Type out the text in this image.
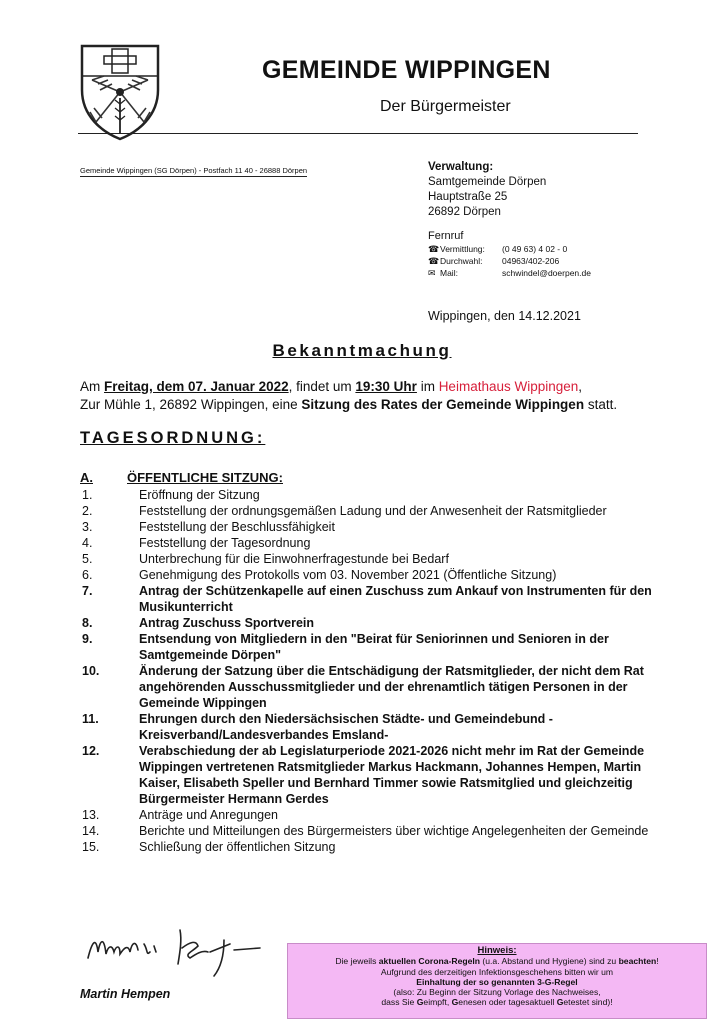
GEMEINDE WIPPINGEN
Der Bürgermeister
Gemeinde Wippingen (SG Dörpen) - Postfach 11 40 - 26888 Dörpen	Verwaltung:
Samtgemeinde Dörpen
Hauptstraße 25
26892 Dörpen
Fernruf
☎ Vermittlung:	(0 49 63) 4 02 - 0
☎ Durchwahl:	04963/402-206
✉ Mail:	schwindel@doerpen.de
Wippingen, den 14.12.2021
Bekanntmachung
Am Freitag, dem 07. Januar 2022, findet um 19:30 Uhr im Heimathaus Wippingen,
Zur Mühle 1, 26892 Wippingen, eine Sitzung des Rates der Gemeinde Wippingen statt.
TAGESORDNUNG:
A.	ÖFFENTLICHE SITZUNG:
1.	Eröffnung der Sitzung
2.	Feststellung der ordnungsgemäßen Ladung und der Anwesenheit der Ratsmitglieder
3.	Feststellung der Beschlussfähigkeit
4.	Feststellung der Tagesordnung
5.	Unterbrechung für die Einwohnerfragestunde bei Bedarf
6.	Genehmigung des Protokolls vom 03. November 2021 (Öffentliche Sitzung)
7.	Antrag der Schützenkapelle auf einen Zuschuss zum Ankauf von Instrumenten für den Musikunterricht
8.	Antrag Zuschuss Sportverein
9.	Entsendung von Mitgliedern in den "Beirat für Seniorinnen und Senioren in der Samtgemeinde Dörpen"
10.	Änderung der Satzung über die Entschädigung der Ratsmitglieder, der nicht dem Rat angehörenden Ausschussmitglieder und der ehrenamtlich tätigen Personen in der Gemeinde Wippingen
11.	Ehrungen durch den Niedersächsischen Städte- und Gemeindebund -Kreisverband/Landesverbandes Emsland-
12.	Verabschiedung der ab Legislaturperiode 2021-2026 nicht mehr im Rat der Gemeinde Wippingen vertretenen Ratsmitglieder Markus Hackmann, Johannes Hempen, Martin Kaiser, Elisabeth Speller und Bernhard Timmer sowie Ratsmitglied und gleichzeitig Bürgermeister Hermann Gerdes
13.	Anträge und Anregungen
14.	Berichte und Mitteilungen des Bürgermeisters über wichtige Angelegenheiten der Gemeinde
15.	Schließung der öffentlichen Sitzung
Martin Hempen
Hinweis:
Die jeweils aktuellen Corona-Regeln (u.a. Abstand und Hygiene) sind zu beachten!
Aufgrund des derzeitigen Infektionsgeschehens bitten wir um
Einhaltung der so genannten 3-G-Regel
(also: Zu Beginn der Sitzung Vorlage des Nachweises,
dass Sie Geimpft, Genesen oder tagesaktuell Getestet sind)!
